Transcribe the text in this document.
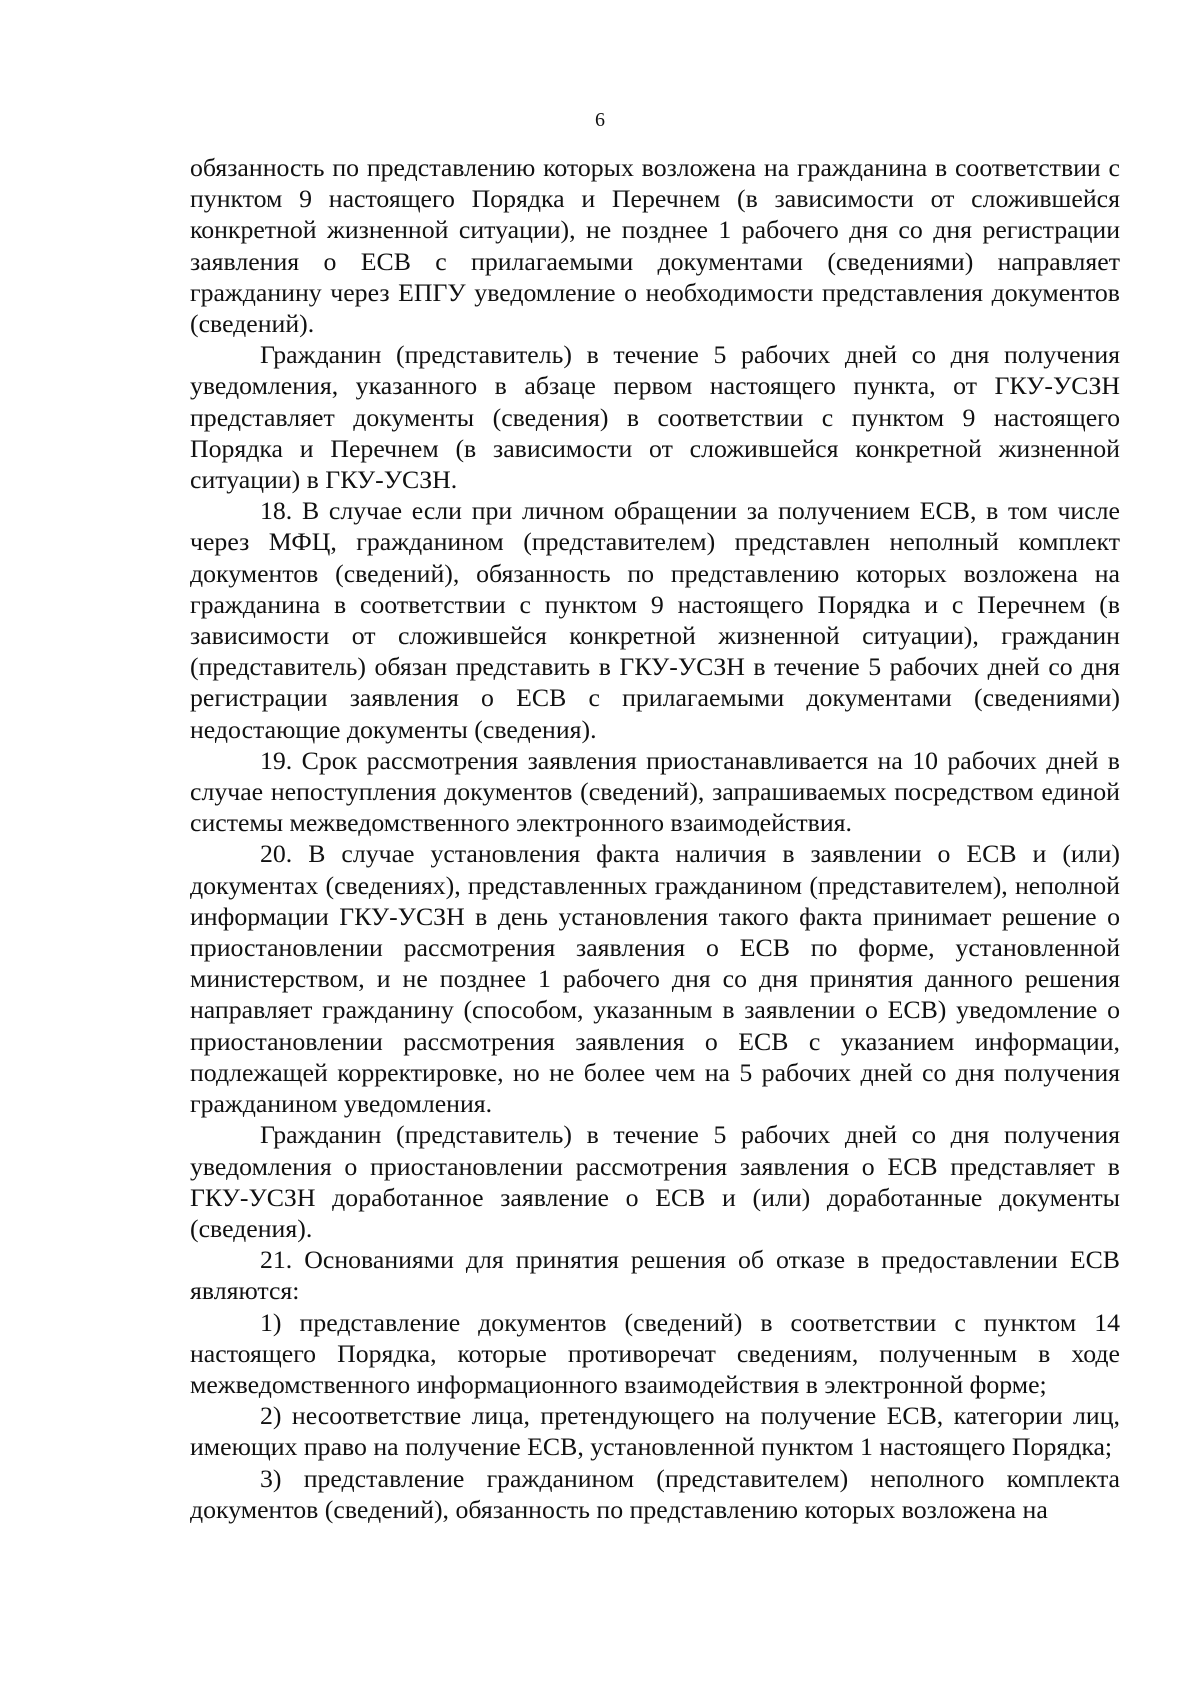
6

обязанность по представлению которых возложена на гражданина в соответствии с пунктом 9 настоящего Порядка и Перечнем (в зависимости от сложившейся конкретной жизненной ситуации), не позднее 1 рабочего дня со дня регистрации заявления о ЕСВ с прилагаемыми документами (сведениями) направляет гражданину через ЕПГУ уведомление о необходимости представления документов (сведений).

Гражданин (представитель) в течение 5 рабочих дней со дня получения уведомления, указанного в абзаце первом настоящего пункта, от ГКУ-УСЗН представляет документы (сведения) в соответствии с пунктом 9 настоящего Порядка и Перечнем (в зависимости от сложившейся конкретной жизненной ситуации) в ГКУ-УСЗН.

18. В случае если при личном обращении за получением ЕСВ, в том числе через МФЦ, гражданином (представителем) представлен неполный комплект документов (сведений), обязанность по представлению которых возложена на гражданина в соответствии с пунктом 9 настоящего Порядка и с Перечнем (в зависимости от сложившейся конкретной жизненной ситуации), гражданин (представитель) обязан представить в ГКУ-УСЗН в течение 5 рабочих дней со дня регистрации заявления о ЕСВ с прилагаемыми документами (сведениями) недостающие документы (сведения).

19. Срок рассмотрения заявления приостанавливается на 10 рабочих дней в случае непоступления документов (сведений), запрашиваемых посредством единой системы межведомственного электронного взаимодействия.

20. В случае установления факта наличия в заявлении о ЕСВ и (или) документах (сведениях), представленных гражданином (представителем), неполной информации ГКУ-УСЗН в день установления такого факта принимает решение о приостановлении рассмотрения заявления о ЕСВ по форме, установленной министерством, и не позднее 1 рабочего дня со дня принятия данного решения направляет гражданину (способом, указанным в заявлении о ЕСВ) уведомление о приостановлении рассмотрения заявления о ЕСВ с указанием информации, подлежащей корректировке, но не более чем на 5 рабочих дней со дня получения гражданином уведомления.

Гражданин (представитель) в течение 5 рабочих дней со дня получения уведомления о приостановлении рассмотрения заявления о ЕСВ представляет в ГКУ-УСЗН доработанное заявление о ЕСВ и (или) доработанные документы (сведения).

21. Основаниями для принятия решения об отказе в предоставлении ЕСВ являются:

1) представление документов (сведений) в соответствии с пунктом 14 настоящего Порядка, которые противоречат сведениям, полученным в ходе межведомственного информационного взаимодействия в электронной форме;

2) несоответствие лица, претендующего на получение ЕСВ, категории лиц, имеющих право на получение ЕСВ, установленной пунктом 1 настоящего Порядка;

3) представление гражданином (представителем) неполного комплекта документов (сведений), обязанность по представлению которых возложена на
